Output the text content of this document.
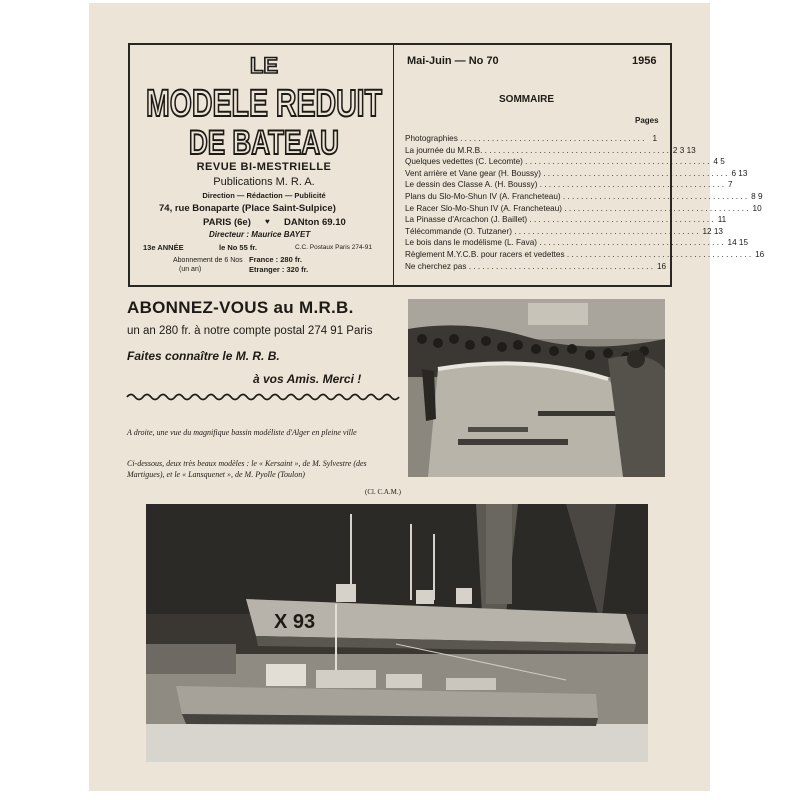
LE
MODELE REDUIT
DE BATEAU
REVUE BI-MESTRIELLE
Publications M. R. A.
Direction — Rédaction — Publicité
74, rue Bonaparte (Place Saint-Sulpice)
PARIS (6e) ♥ DANton 69.10
Directeur : Maurice BAYET
13e ANNÉE	le No 55 fr.	C.C. Postaux Paris 274-91
Abonnement de 6 Nos
(un an)
France : 280 fr.
Etranger : 320 fr.
Mai-Juin — No 70	1956
SOMMAIRE
Pages
Photographies . . .	1
La journée du M.R.B. . . .	2 3 13
Quelques vedettes (C. Lecomte) . . .	4 5
Vent arrière et Vane gear (H. Boussy) . . .	6 13
Le dessin des Classe A. (H. Boussy) . . .	7
Plans du Slo-Mo-Shun IV (A. Francheteau) . . .	8 9
Le Racer Slo-Mo-Shun IV (A. Francheteau) . . .	10
La Pinasse d'Arcachon (J. Baillet) . . .	11
Télécommande (O. Tutzaner) . . .	12 13
Le bois dans le modélisme (L. Fava) . . .	14 15
Règlement M.Y.C.B. pour racers et vedettes . . .	16
Ne cherchez pas . . .	16
ABONNEZ-VOUS au M.R.B.
un an 280 fr. à notre compte postal 274 91 Paris
Faites connaître le M. R. B.
à vos Amis. Merci !
A droite, une vue du magnifique bassin modéliste d'Alger en pleine ville
Ci-dessous, deux très beaux modèles : le « Kersaint », de M. Sylvestre (des Martigues), et le « Lansquenet », de M. Pyolle (Toulon)
(Cl. C.A.M.)
X 93
